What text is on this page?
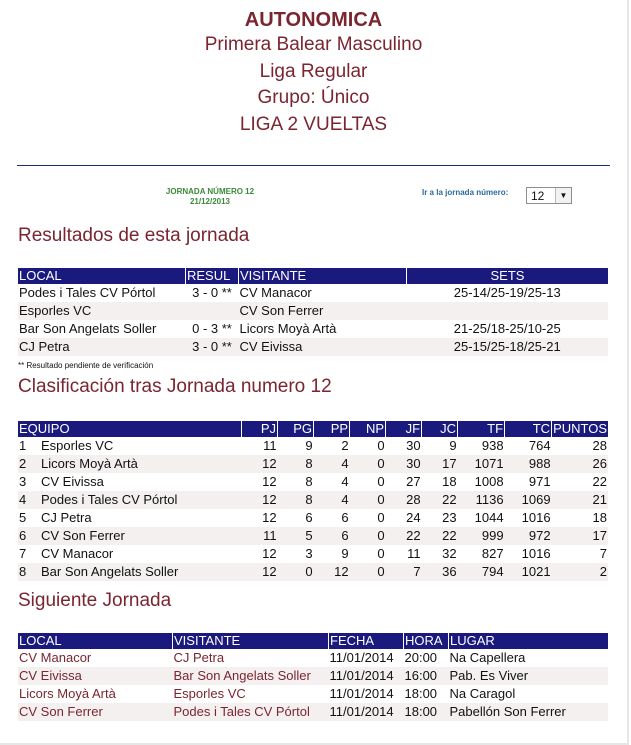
AUTONOMICA
Primera Balear Masculino
Liga Regular
Grupo: Único
LIGA 2 VUELTAS
JORNADA NÚMERO 12
21/12/2013
Ir a la jornada número: 12	▼
Resultados de esta jornada
LOCAL	RESUL	VISITANTE	SETS
Podes i Tales CV Pórtol	3 - 0 **	CV Manacor	25-14/25-19/25-13
Esporles VC		CV Son Ferrer	
Bar Son Angelats Soller	0 - 3 **	Licors Moyà Artà	21-25/18-25/10-25
CJ Petra	3 - 0 **	CV Eivissa	25-15/25-18/25-21
** Resultado pendiente de verificación
Clasificación tras Jornada numero 12
EQUIPO		PJ	PG	PP	NP	JF	JC	TF	TC	PUNTOS
1	Esporles VC	11	9	2	0	30	9	938	764	28
2	Licors Moyà Artà	12	8	4	0	30	17	1071	988	26
3	CV Eivissa	12	8	4	0	27	18	1008	971	22
4	Podes i Tales CV Pórtol	12	8	4	0	28	22	1136	1069	21
5	CJ Petra	12	6	6	0	24	23	1044	1016	18
6	CV Son Ferrer	11	5	6	0	22	22	999	972	17
7	CV Manacor	12	3	9	0	11	32	827	1016	7
8	Bar Son Angelats Soller	12	0	12	0	7	36	794	1021	2
Siguiente Jornada
LOCAL	VISITANTE	FECHA	HORA	LUGAR
CV Manacor	CJ Petra	11/01/2014	20:00	Na Capellera
CV Eivissa	Bar Son Angelats Soller	11/01/2014	16:00	Pab. Es Viver
Licors Moyà Artà	Esporles VC	11/01/2014	18:00	Na Caragol
CV Son Ferrer	Podes i Tales CV Pórtol	11/01/2014	18:00	Pabellón Son Ferrer
